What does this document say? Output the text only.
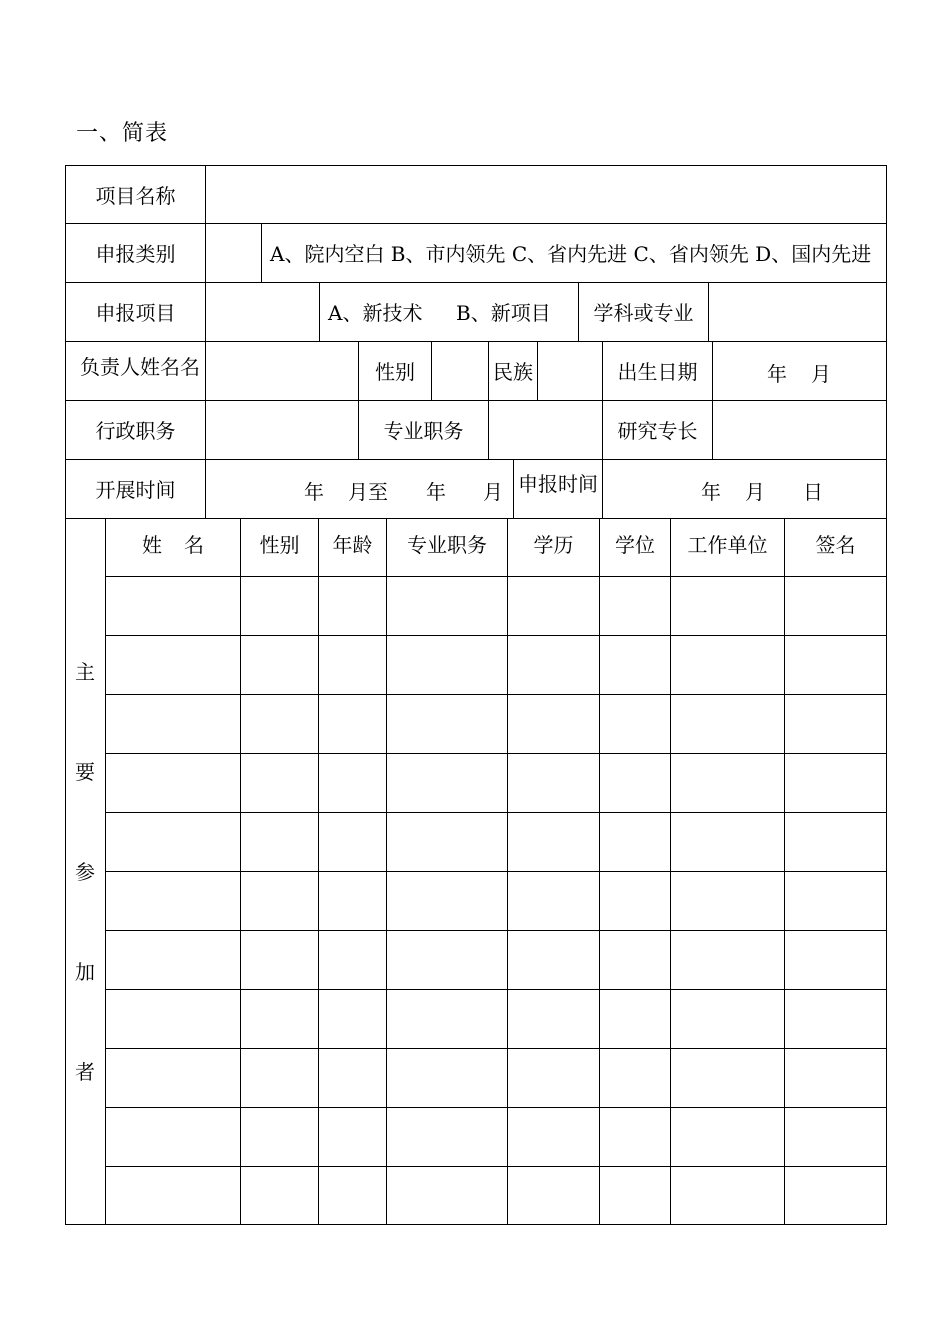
一、简表
项目名称
申报类别	A、院内空白 B、市内领先 C、省内先进 C、省内领先 D、国内先进
申报项目	A、新技术	B、新项目	学科或专业
负责人姓名名	性别	民族	出生日期	年 月
行政职务	专业职务	研究专长
开展时间	年 月至 年 月 申报时间	年 月 日
主
要
参
加
者
姓 名	性别	年龄	专业职务	学历	学位	工作单位	签名
